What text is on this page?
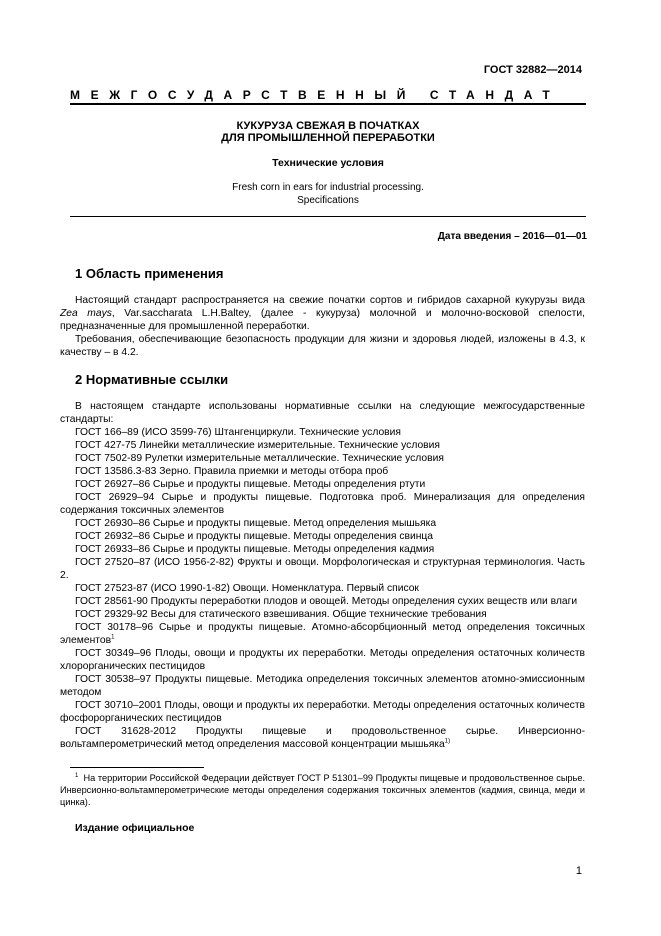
ГОСТ 32882—2014
МЕЖГОСУДАРСТВЕННЫЙ СТАНДАТ
КУКУРУЗА СВЕЖАЯ В ПОЧАТКАХ
ДЛЯ ПРОМЫШЛЕННОЙ ПЕРЕРАБОТКИ
Технические условия
Fresh corn in ears for industrial processing.
Specifications
Дата введения – 2016—01—01
1 Область применения
Настоящий стандарт распространяется на свежие початки сортов и гибридов сахарной кукурузы вида Zea mays, Var.saccharata L.H.Baltey, (далее - кукуруза) молочной и молочно-восковой спелости, предназначенные для промышленной переработки.
Требования, обеспечивающие безопасность продукции для жизни и здоровья людей, изложены в 4.3, к качеству – в 4.2.
2 Нормативные ссылки
В настоящем стандарте использованы нормативные ссылки на следующие межгосударственные стандарты:
ГОСТ 166–89 (ИСО 3599-76) Штангенциркули. Технические условия
ГОСТ 427-75 Линейки металлические измерительные. Технические условия
ГОСТ 7502-89 Рулетки измерительные металлические. Технические условия
ГОСТ 13586.3-83 Зерно. Правила приемки и методы отбора проб
ГОСТ 26927–86 Сырье и продукты пищевые. Методы определения ртути
ГОСТ 26929–94 Сырье и продукты пищевые. Подготовка проб. Минерализация для определения содержания токсичных элементов
ГОСТ 26930–86 Сырье и продукты пищевые. Метод определения мышьяка
ГОСТ 26932–86 Сырье и продукты пищевые. Методы определения свинца
ГОСТ 26933–86 Сырье и продукты пищевые. Методы определения кадмия
ГОСТ 27520–87 (ИСО 1956-2-82) Фрукты и овощи. Морфологическая и структурная терминология. Часть 2.
ГОСТ 27523-87 (ИСО 1990-1-82) Овощи. Номенклатура. Первый список
ГОСТ 28561-90 Продукты переработки плодов и овощей. Методы определения сухих веществ или влаги
ГОСТ 29329-92 Весы для статического взвешивания. Общие технические требования
ГОСТ 30178–96 Сырье и продукты пищевые. Атомно-абсорбционный метод определения токсичных элементов$^1$
ГОСТ 30349–96 Плоды, овощи и продукты их переработки. Методы определения остаточных количеств хлорорганических пестицидов
ГОСТ 30538–97 Продукты пищевые. Методика определения токсичных элементов атомно-эмиссионным методом
ГОСТ 30710–2001 Плоды, овощи и продукты их переработки. Методы определения остаточных количеств фосфорорганических пестицидов
ГОСТ 31628-2012 Продукты пищевые и продовольственное сырье. Инверсионно-вольтамперометрический метод определения массовой концентрации мышьяка$^{1)}$
$^1$ На территории Российской Федерации действует ГОСТ Р 51301–99 Продукты пищевые и продовольственное сырье. Инверсионно-вольтамперометрические методы определения содержания токсичных элементов (кадмия, свинца, меди и цинка).
Издание официальное
1
